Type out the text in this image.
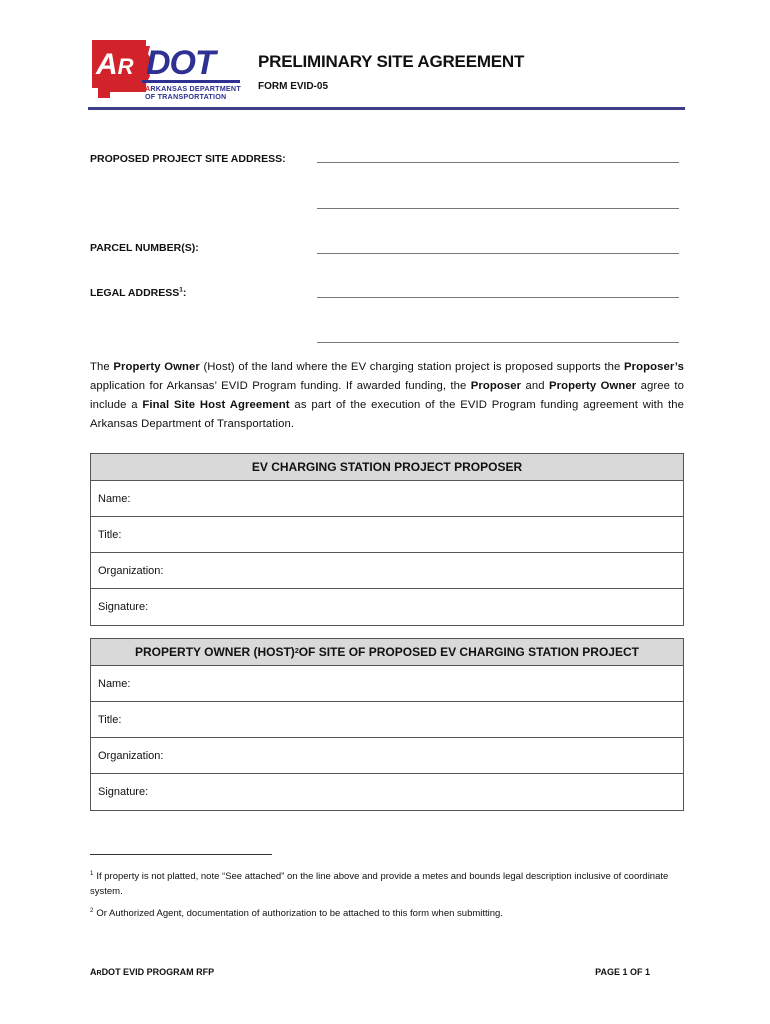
AR DOT
ARKANSAS DEPARTMENT
OF TRANSPORTATION
PRELIMINARY SITE AGREEMENT
FORM EVID-05
PROPOSED PROJECT SITE ADDRESS:
PARCEL NUMBER(S):
LEGAL ADDRESS$^1$:
The Property Owner (Host) of the land where the EV charging station project is proposed supports the Proposer’s application for Arkansas’ EVID Program funding. If awarded funding, the Proposer and Property Owner agree to include a Final Site Host Agreement as part of the execution of the EVID Program funding agreement with the Arkansas Department of Transportation.
EV CHARGING STATION PROJECT PROPOSER
Name:
Title:
Organization:
Signature:
PROPERTY OWNER (HOST) 2 OF SITE OF PROPOSED EV CHARGING STATION PROJECT
Name:
Title:
Organization:
Signature:
$^1$ If property is not platted, note “See attached” on the line above and provide a metes and bounds legal description inclusive of coordinate system.
$^2$ Or Authorized Agent, documentation of authorization to be attached to this form when submitting.
ARDOT EVID PROGRAM RFP	PAGE 1 OF 1
